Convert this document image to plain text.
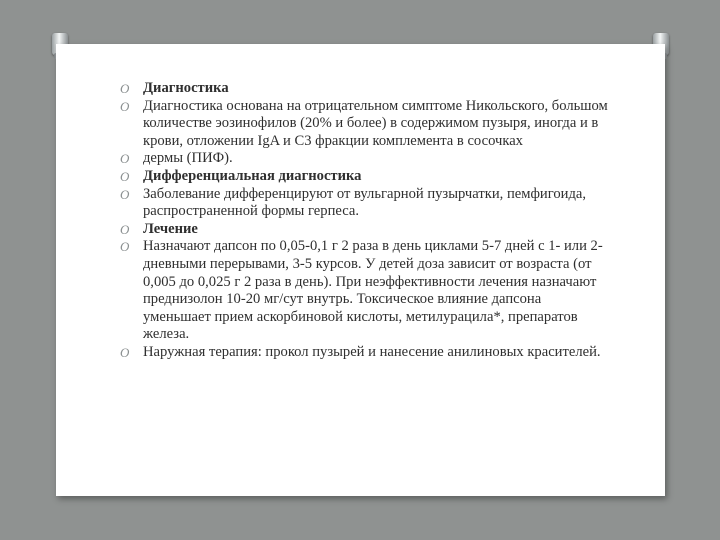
O Диагностика
O Диагностика основана на отрицательном симптоме Никольского, большом количестве эозинофилов (20% и более) в содержимом пузыря, иногда и в крови, отложении IgA и C3 фракции комплемента в сосочках
O дермы (ПИФ).
O Дифференциальная диагностика
O Заболевание дифференцируют от вульгарной пузырчатки, пемфигоида, распространенной формы герпеса.
O Лечение
O Назначают дапсон по 0,05-0,1 г 2 раза в день циклами 5-7 дней с 1- или 2-дневными перерывами, 3-5 курсов. У детей доза зависит от возраста (от 0,005 до 0,025 г 2 раза в день). При неэффективности лечения назначают преднизолон 10-20 мг/сут внутрь. Токсическое влияние дапсона уменьшает прием аскорбиновой кислоты, метилурацила*, препаратов железа.
O Наружная терапия: прокол пузырей и нанесение анилиновых красителей.
